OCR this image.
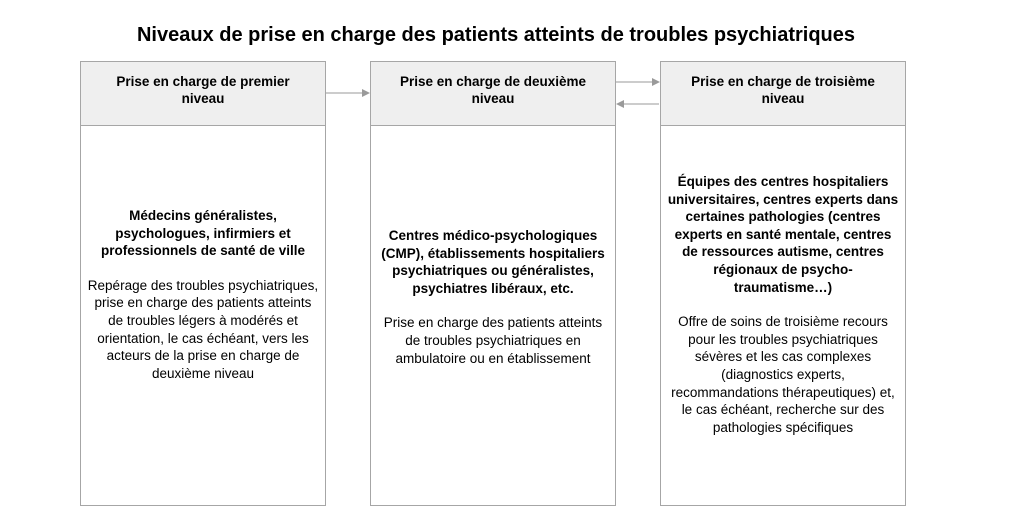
Niveaux de prise en charge des patients atteints de troubles psychiatriques
Prise en charge de premier niveau

Médecins généralistes, psychologues, infirmiers et professionnels de santé de ville

Repérage des troubles psychiatriques, prise en charge des patients atteints de troubles légers à modérés et orientation, le cas échéant, vers les acteurs de la prise en charge de deuxième niveau

Prise en charge de deuxième niveau

Centres médico-psychologiques (CMP), établissements hospitaliers psychiatriques ou généralistes, psychiatres libéraux, etc.

Prise en charge des patients atteints de troubles psychiatriques en ambulatoire ou en établissement

Prise en charge de troisième niveau

Équipes des centres hospitaliers universitaires, centres experts dans certaines pathologies (centres experts en santé mentale, centres de ressources autisme, centres régionaux de psycho-traumatisme…)

Offre de soins de troisième recours pour les troubles psychiatriques sévères et les cas complexes (diagnostics experts, recommandations thérapeutiques) et, le cas échéant, recherche sur des pathologies spécifiques
